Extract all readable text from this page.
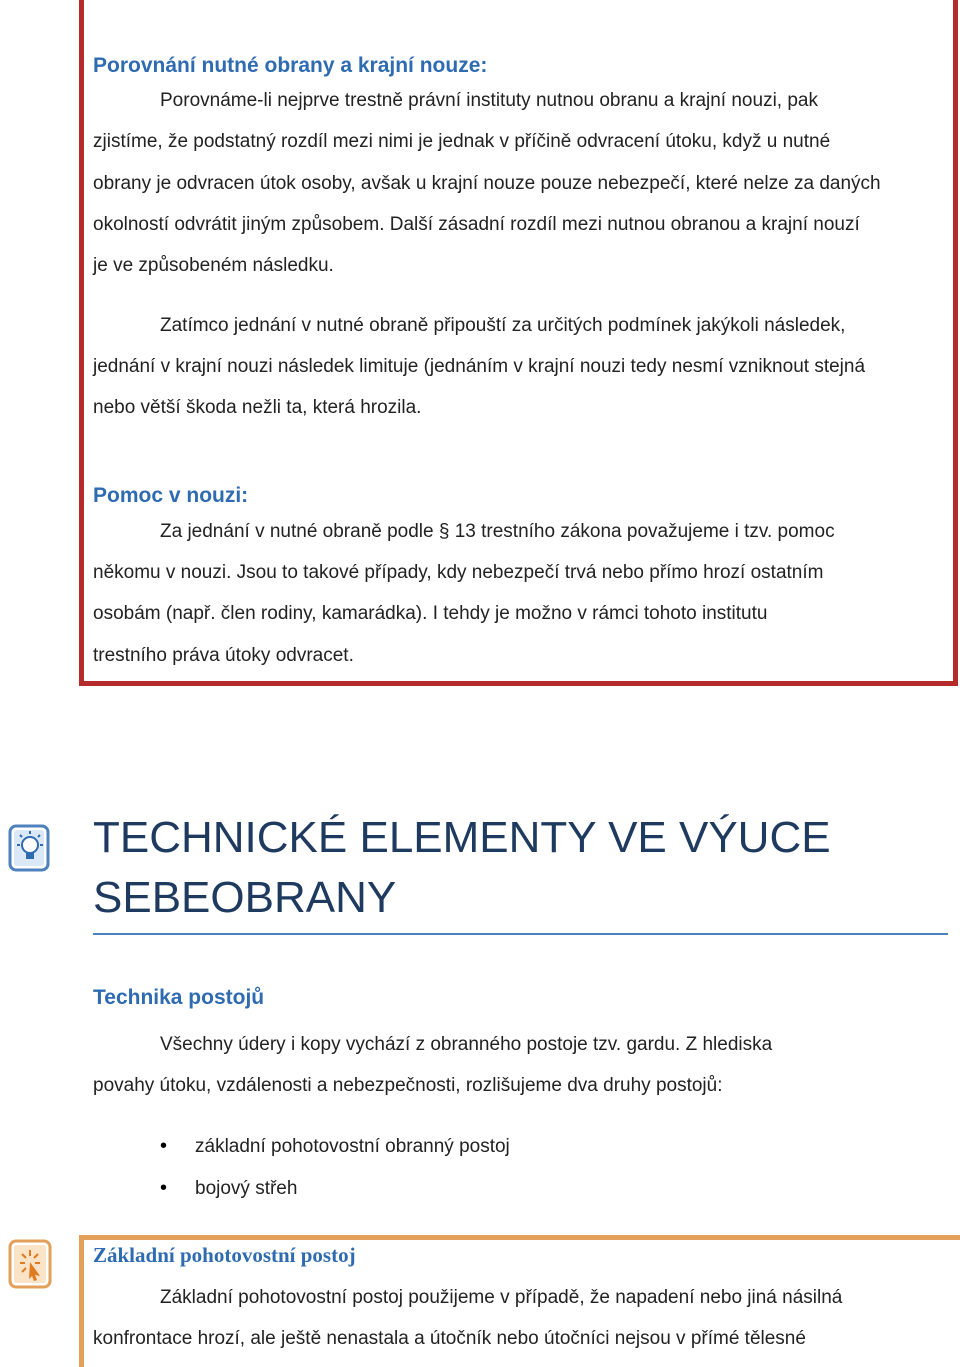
Porovnání nutné obrany a krajní nouze:
Porovnáme-li nejprve trestně právní instituty nutnou obranu a krajní nouzi, pak
zjistíme, že podstatný rozdíl mezi nimi je jednak v příčině odvracení útoku, když u nutné
obrany je odvracen útok osoby, avšak u krajní nouze pouze nebezpečí, které nelze za daných
okolností odvrátit jiným způsobem. Další zásadní rozdíl mezi nutnou obranou a krajní nouzí
je ve způsobeném následku.
Zatímco jednání v nutné obraně připouští za určitých podmínek jakýkoli následek,
jednání v krajní nouzi následek limituje (jednáním v krajní nouzi tedy nesmí vzniknout stejná
nebo větší škoda nežli ta, která hrozila.
Pomoc v nouzi:
Za jednání v nutné obraně podle § 13 trestního zákona považujeme i tzv. pomoc
někomu v nouzi. Jsou to takové případy, kdy nebezpečí trvá nebo přímo hrozí ostatním
osobám (např. člen rodiny, kamarádka). I tehdy je možno v rámci tohoto institutu
trestního práva útoky odvracet.
TECHNICKÉ ELEMENTY VE VÝUCE
SEBEOBRANY
Technika postojů
Všechny údery i kopy vychází z obranného postoje tzv. gardu. Z hlediska
povahy útoku, vzdálenosti a nebezpečnosti, rozlišujeme dva druhy postojů:
• základní pohotovostní obranný postoj
• bojový střeh
Základní pohotovostní postoj
Základní pohotovostní postoj použijeme v případě, že napadení nebo jiná násilná
konfrontace hrozí, ale ještě nenastala a útočník nebo útočníci nejsou v přímé tělesné
